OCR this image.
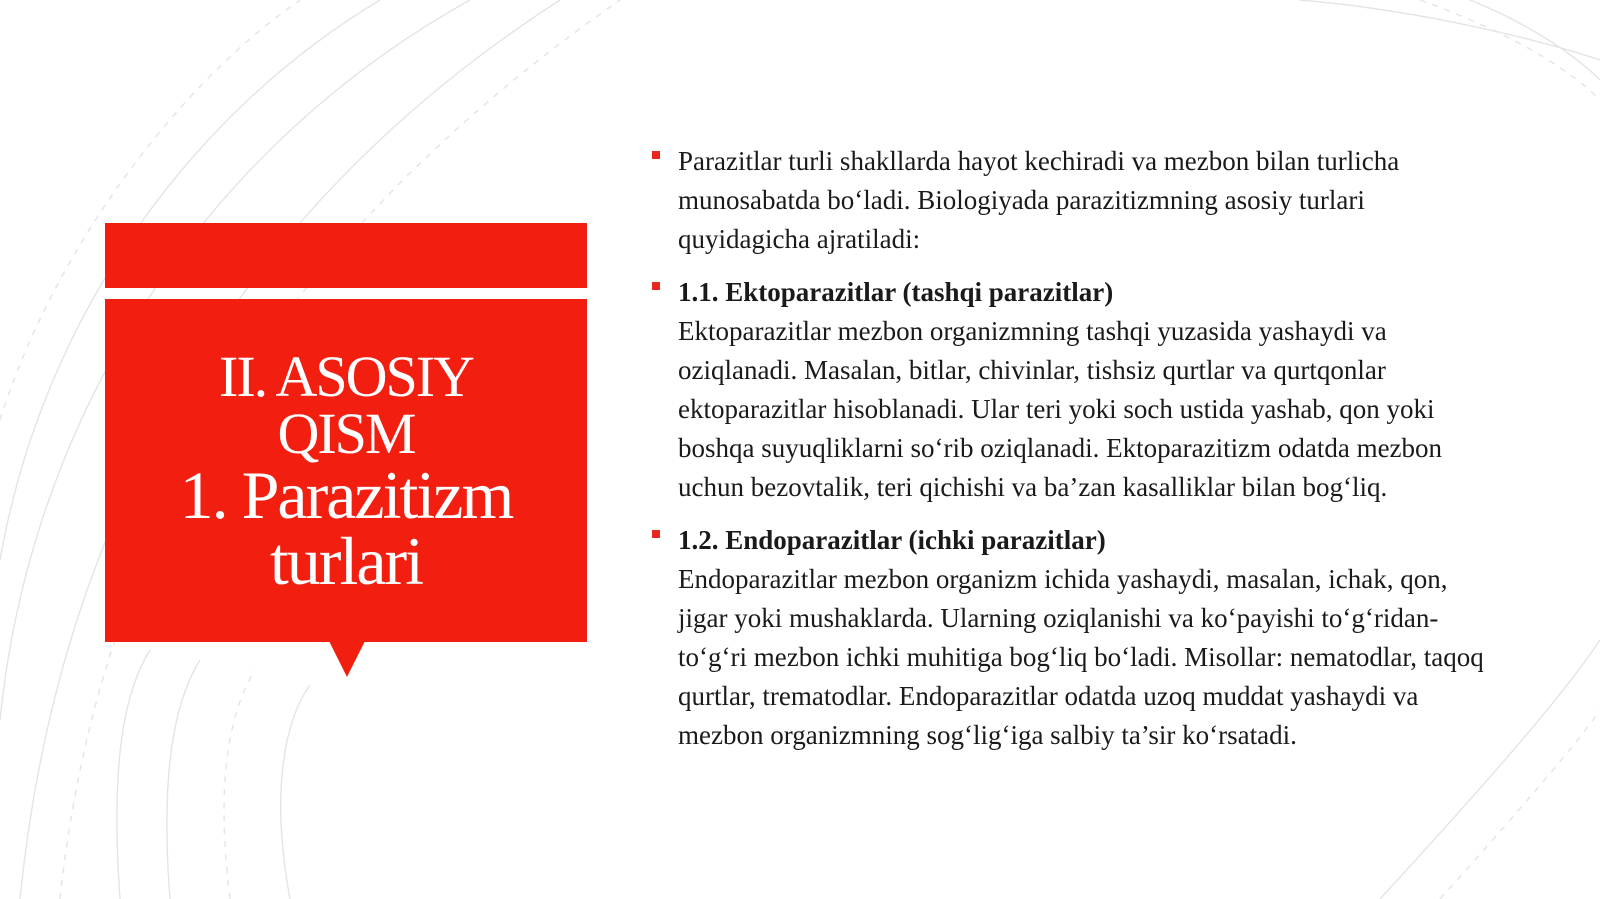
II. ASOSIY
QISM
1. Parazitizm
turlari
Parazitlar turli shakllarda hayot kechiradi va mezbon bilan turlicha munosabatda bo‘ladi. Biologiyada parazitizmning asosiy turlari quyidagicha ajratiladi:
1.1. Ektoparazitlar (tashqi parazitlar)
Ektoparazitlar mezbon organizmning tashqi yuzasida yashaydi va oziqlanadi. Masalan, bitlar, chivinlar, tishsiz qurtlar va qurtqonlar ektoparazitlar hisoblanadi. Ular teri yoki soch ustida yashab, qon yoki boshqa suyuqliklarni so‘rib oziqlanadi. Ektoparazitizm odatda mezbon uchun bezovtalik, teri qichishi va ba’zan kasalliklar bilan bog‘liq.
1.2. Endoparazitlar (ichki parazitlar)
Endoparazitlar mezbon organizm ichida yashaydi, masalan, ichak, qon, jigar yoki mushaklarda. Ularning oziqlanishi va ko‘payishi to‘g‘ridan-to‘g‘ri mezbon ichki muhitiga bog‘liq bo‘ladi. Misollar: nematodlar, taqoq qurtlar, trematodlar. Endoparazitlar odatda uzoq muddat yashaydi va mezbon organizmning sog‘lig‘iga salbiy ta’sir ko‘rsatadi.
